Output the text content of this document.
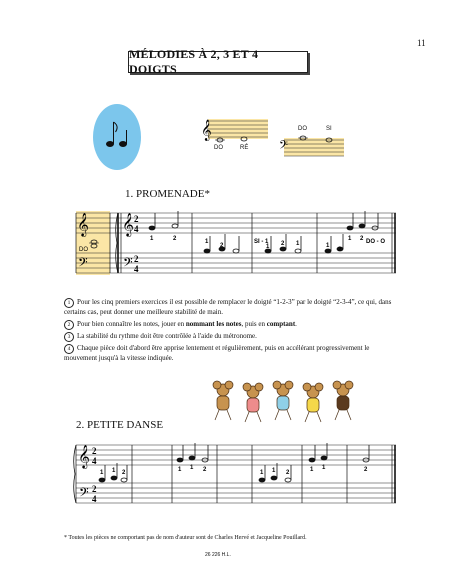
11
MÉLODIES À 2, 3 ET 4 DOIGTS
𝄞
DO	RÉ
DO	SI
𝄢
1. PROMENADE*
𝄞
𝄢
𝄞
𝄢
2
4
2
4
1	2	1
2
SI - 1
1 2 1	1
2
1 2 DO - O
DO
1 Pour les cinq premiers exercices il est possible de remplacer le doigté “1-2-3” par le doigté “2-3-4”, ce qui, dans certains cas, peut donner une meilleure stabilité de main.
2 Pour bien connaître les notes, jouer en nommant les notes, puis en comptant.
3 La stabilité du rythme doit être contrôlée à l'aide du métronome.
4 Chaque pièce doit d'abord être apprise lentement et régulièrement, puis en accélérant progressivement le mouvement jusqu'à la vitesse indiquée.
2. PETITE DANSE
𝄞
𝄢
2
4
2
4
1 1 2	1 1 2	1 1 2	1 1	2
* Toutes les pièces ne comportant pas de nom d'auteur sont de Charles Hervé et Jacqueline Pouillard.
26 226 H.L.
